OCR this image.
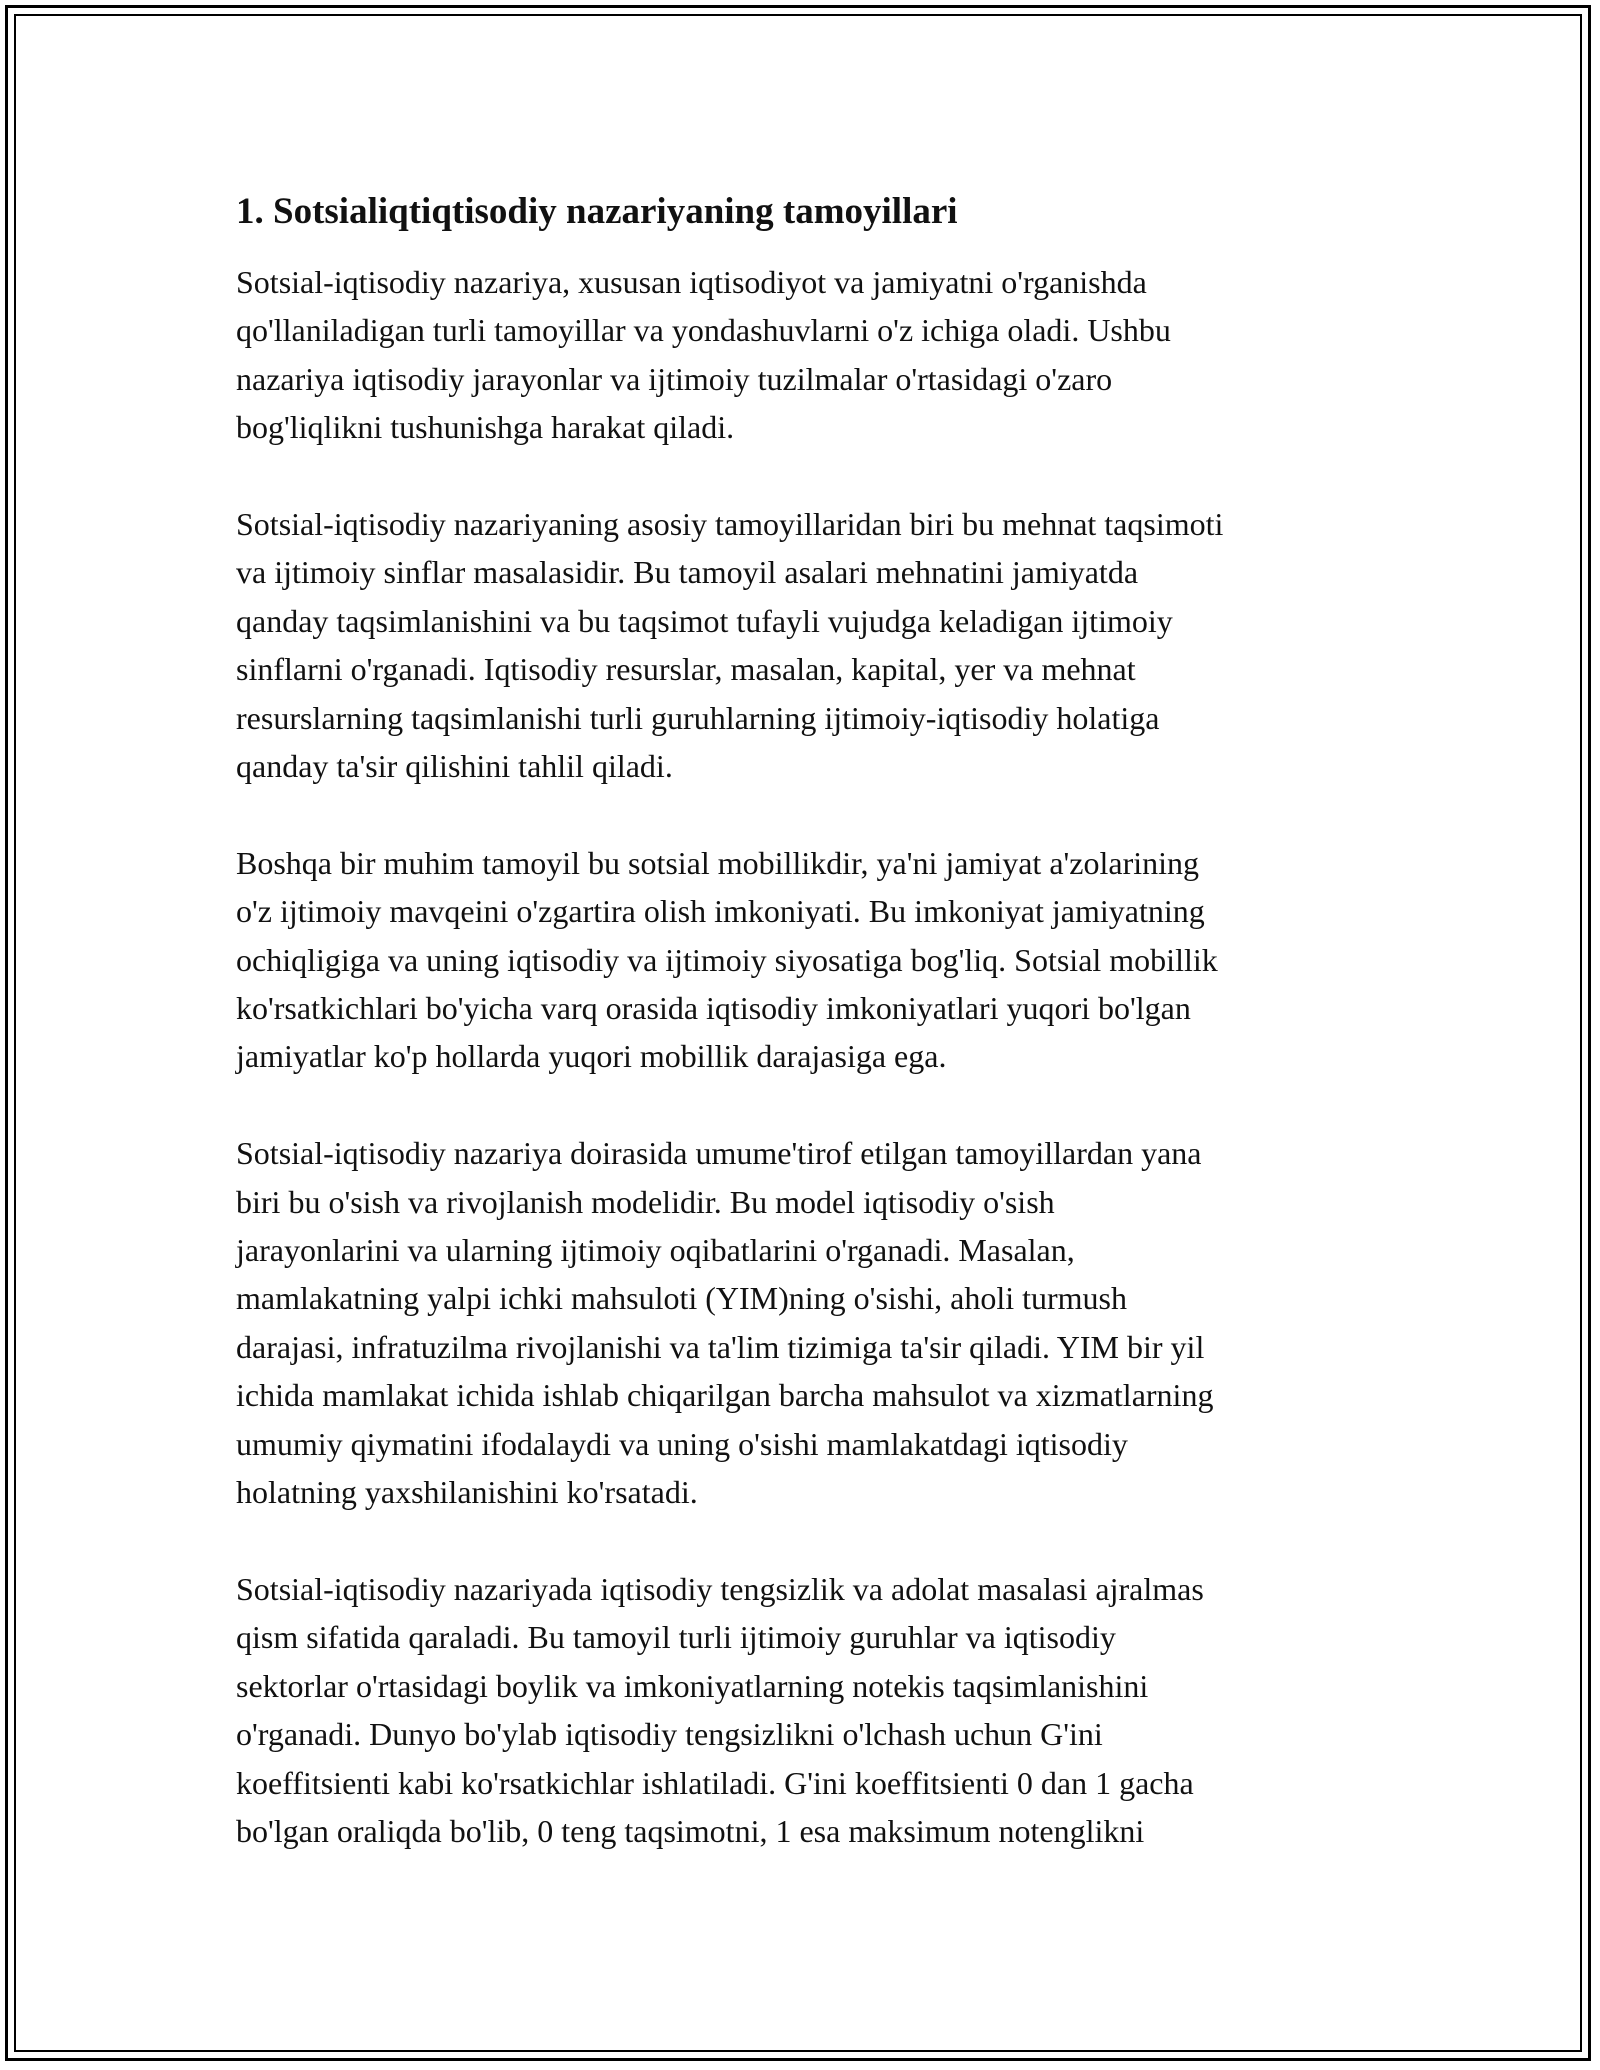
1. Sotsialiqtiqtisodiy nazariyaning tamoyillari
Sotsial-iqtisodiy nazariya, xususan iqtisodiyot va jamiyatni o'rganishda
qo'llaniladigan turli tamoyillar va yondashuvlarni o'z ichiga oladi. Ushbu
nazariya iqtisodiy jarayonlar va ijtimoiy tuzilmalar o'rtasidagi o'zaro
bog'liqlikni tushunishga harakat qiladi.
Sotsial-iqtisodiy nazariyaning asosiy tamoyillaridan biri bu mehnat taqsimoti
va ijtimoiy sinflar masalasidir. Bu tamoyil asalari mehnatini jamiyatda
qanday taqsimlanishini va bu taqsimot tufayli vujudga keladigan ijtimoiy
sinflarni o'rganadi. Iqtisodiy resurslar, masalan, kapital, yer va mehnat
resurslarning taqsimlanishi turli guruhlarning ijtimoiy-iqtisodiy holatiga
qanday ta'sir qilishini tahlil qiladi.
Boshqa bir muhim tamoyil bu sotsial mobillikdir, ya'ni jamiyat a'zolarining
o'z ijtimoiy mavqeini o'zgartira olish imkoniyati. Bu imkoniyat jamiyatning
ochiqligiga va uning iqtisodiy va ijtimoiy siyosatiga bog'liq. Sotsial mobillik
ko'rsatkichlari bo'yicha varq orasida iqtisodiy imkoniyatlari yuqori bo'lgan
jamiyatlar ko'p hollarda yuqori mobillik darajasiga ega.
Sotsial-iqtisodiy nazariya doirasida umume'tirof etilgan tamoyillardan yana
biri bu o'sish va rivojlanish modelidir. Bu model iqtisodiy o'sish
jarayonlarini va ularning ijtimoiy oqibatlarini o'rganadi. Masalan,
mamlakatning yalpi ichki mahsuloti (YIM)ning o'sishi, aholi turmush
darajasi, infratuzilma rivojlanishi va ta'lim tizimiga ta'sir qiladi. YIM bir yil
ichida mamlakat ichida ishlab chiqarilgan barcha mahsulot va xizmatlarning
umumiy qiymatini ifodalaydi va uning o'sishi mamlakatdagi iqtisodiy
holatning yaxshilanishini ko'rsatadi.
Sotsial-iqtisodiy nazariyada iqtisodiy tengsizlik va adolat masalasi ajralmas
qism sifatida qaraladi. Bu tamoyil turli ijtimoiy guruhlar va iqtisodiy
sektorlar o'rtasidagi boylik va imkoniyatlarning notekis taqsimlanishini
o'rganadi. Dunyo bo'ylab iqtisodiy tengsizlikni o'lchash uchun G'ini
koeffitsienti kabi ko'rsatkichlar ishlatiladi. G'ini koeffitsienti 0 dan 1 gacha
bo'lgan oraliqda bo'lib, 0 teng taqsimotni, 1 esa maksimum notenglikni
